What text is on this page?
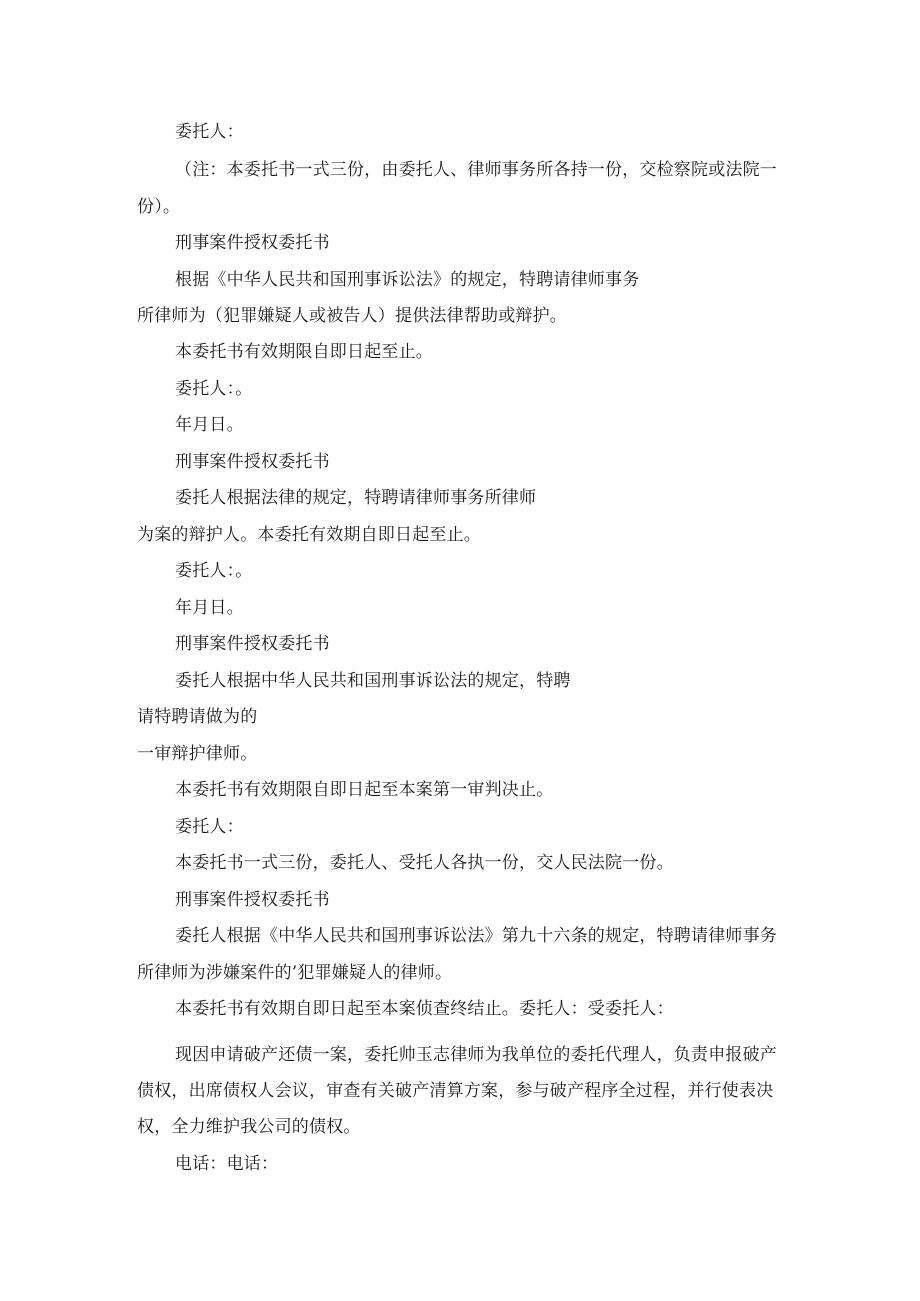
委托人：
（注：本委托书一式三份，由委托人、律师事务所各持一份，交检察院或法院一
份）。
刑事案件授权委托书
根据《中华人民共和国刑事诉讼法》的规定，特聘请律师事务
所律师为（犯罪嫌疑人或被告人）提供法律帮助或辩护。
本委托书有效期限自即日起至止。
委托人：。
年月日。
刑事案件授权委托书
委托人根据法律的规定，特聘请律师事务所律师
为案的辩护人。本委托有效期自即日起至止。
委托人：。
年月日。
刑事案件授权委托书
委托人根据中华人民共和国刑事诉讼法的规定，特聘
请特聘请做为的
一审辩护律师。
本委托书有效期限自即日起至本案第一审判决止。
委托人：
本委托书一式三份，委托人、受托人各执一份，交人民法院一份。
刑事案件授权委托书
委托人根据《中华人民共和国刑事诉讼法》第九十六条的规定，特聘请律师事务
所律师为涉嫌案件的’犯罪嫌疑人的律师。
本委托书有效期自即日起至本案侦查终结止。委托人：受委托人：
现因申请破产还债一案，委托帅玉志律师为我单位的委托代理人，负责申报破产
债权，出席债权人会议，审查有关破产清算方案，参与破产程序全过程，并行使表决
权，全力维护我公司的债权。
电话：电话：
